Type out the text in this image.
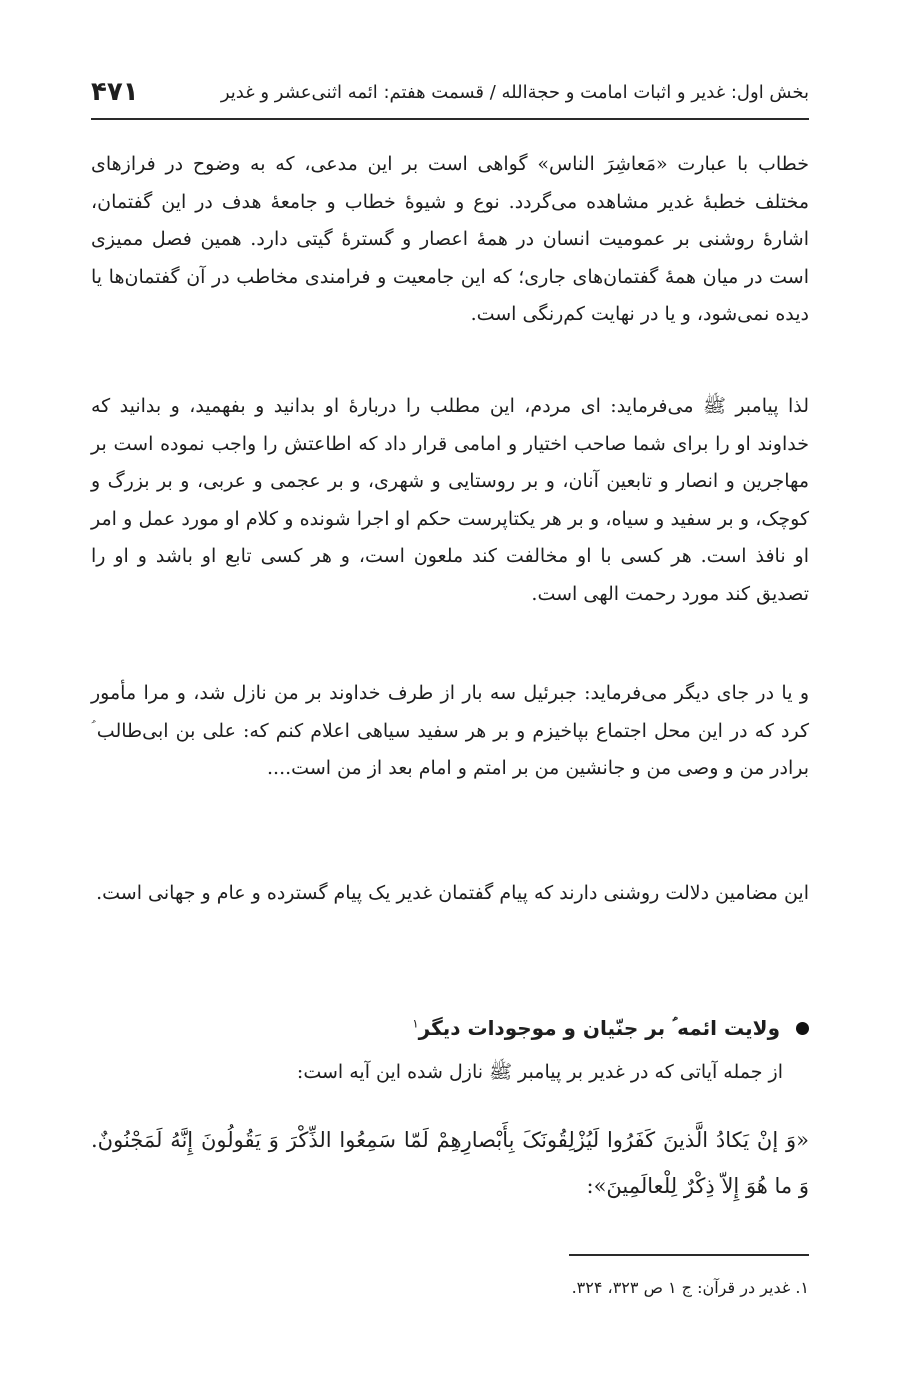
بخش اول: غدیر و اثبات امامت و حجةالله / قسمت هفتم: ائمه اثنی‌عشر و غدیر
۴۷۱

خطاب با عبارت «مَعاشِرَ الناس» گواهی است بر این مدعی، که به وضوح در فرازهای مختلف خطبهٔ غدیر مشاهده می‌گردد. نوع و شیوهٔ خطاب و جامعهٔ هدف در این گفتمان، اشارهٔ روشنی بر عمومیت انسان در همهٔ اعصار و گسترهٔ گیتی دارد. همین فصل ممیزی است در میان همهٔ گفتمان‌های جاری؛ که این جامعیت و فرامندی مخاطب در آن گفتمان‌ها یا دیده نمی‌شود، و یا در نهایت کم‌رنگی است.

لذا پیامبر ﷺ می‌فرماید: ای مردم، این مطلب را دربارهٔ او بدانید و بفهمید، و بدانید که خداوند او را برای شما صاحب اختیار و امامی قرار داد که اطاعتش را واجب نموده است بر مهاجرین و انصار و تابعین آنان، و بر روستایی و شهری، و بر عجمی و عربی، و بر بزرگ و کوچک، و بر سفید و سیاه، و بر هر یکتاپرست حکم او اجرا شونده و کلام او مورد عمل و امر او نافذ است. هر کسی با او مخالفت کند ملعون است، و هر کسی تابع او باشد و او را تصدیق کند مورد رحمت الهی است.

و یا در جای دیگر می‌فرماید: جبرئیل سه بار از طرف خداوند بر من نازل شد، و مرا مأمور کرد که در این محل اجتماع بپاخیزم و بر هر سفید سیاهی اعلام کنم که: علی بن ابی‌طالب ؑ برادر من و وصی من و جانشین من بر امتم و امام بعد از من است....

این مضامین دلالت روشنی دارند که پیام گفتمان غدیر یک پیام گسترده و عام و جهانی است.

ولایت ائمه ؑ بر جنّیان و موجودات دیگر$^۱$
از جمله آیاتی که در غدیر بر پیامبر ﷺ نازل شده این آیه است:

«وَ إنْ یَکادُ الَّذینَ کَفَرُوا لَیُزْلِقُونَکَ بِأَبْصارِهِمْ لَمّا سَمِعُوا الذِّکْرَ وَ یَقُولُونَ إِنَّهُ لَمَجْنُونٌ. وَ ما هُوَ إِلاّ ذِکْرٌ لِلْعالَمِینَ»:

۱. غدیر در قرآن: ج ۱ ص ۳۲۳، ۳۲۴.
